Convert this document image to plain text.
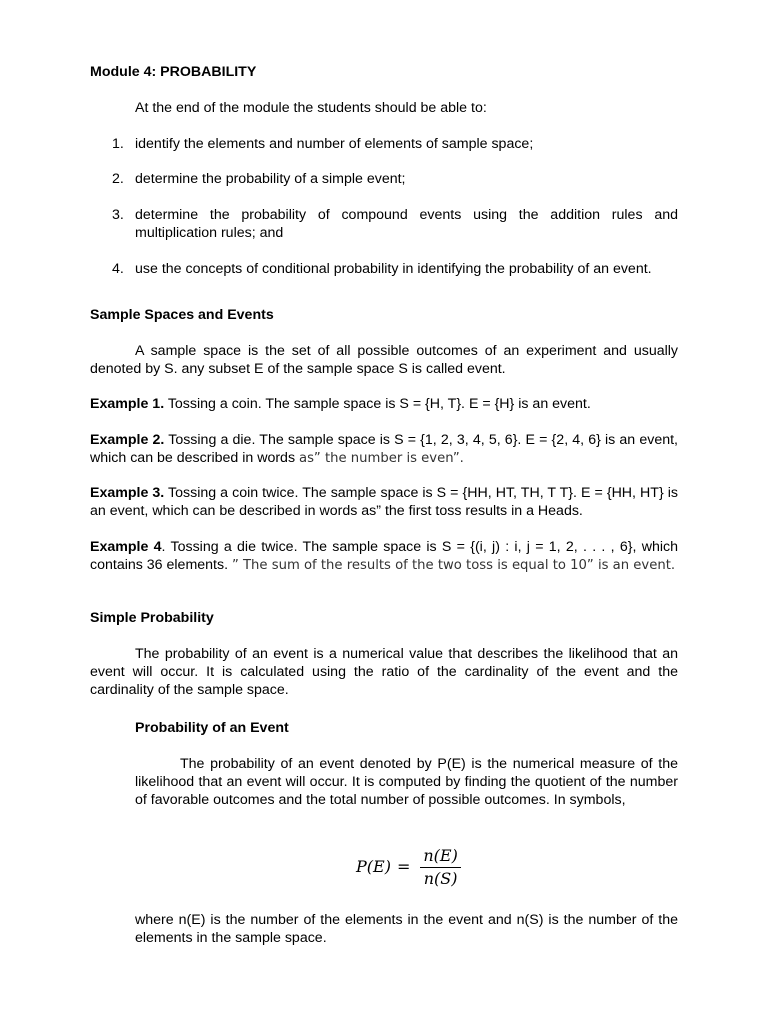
Module 4: PROBABILITY
At the end of the module the students should be able to:
1. identify the elements and number of elements of sample space;
2. determine the probability of a simple event;
3. determine the probability of compound events using the addition rules and multiplication rules; and
4. use the concepts of conditional probability in identifying the probability of an event.
Sample Spaces and Events
A sample space is the set of all possible outcomes of an experiment and usually denoted by S. any subset E of the sample space S is called event.
Example 1. Tossing a coin. The sample space is S = {H, T}. E = {H} is an event.
Example 2. Tossing a die. The sample space is S = {1, 2, 3, 4, 5, 6}. E = {2, 4, 6} is an event, which can be described in words as” the number is even”.
Example 3. Tossing a coin twice. The sample space is S = {HH, HT, TH, T T}. E = {HH, HT} is an event, which can be described in words as” the first toss results in a Heads.
Example 4. Tossing a die twice. The sample space is S = {(i, j) : i, j = 1, 2, . . . , 6}, which contains 36 elements. ” The sum of the results of the two toss is equal to 10” is an event.
Simple Probability
The probability of an event is a numerical value that describes the likelihood that an event will occur. It is calculated using the ratio of the cardinality of the event and the cardinality of the sample space.
Probability of an Event
The probability of an event denoted by P(E) is the numerical measure of the likelihood that an event will occur. It is computed by finding the quotient of the number of favorable outcomes and the total number of possible outcomes. In symbols,
$P(E) = \frac{n(E)}{n(S)}$
where n(E) is the number of the elements in the event and n(S) is the number of the elements in the sample space.
